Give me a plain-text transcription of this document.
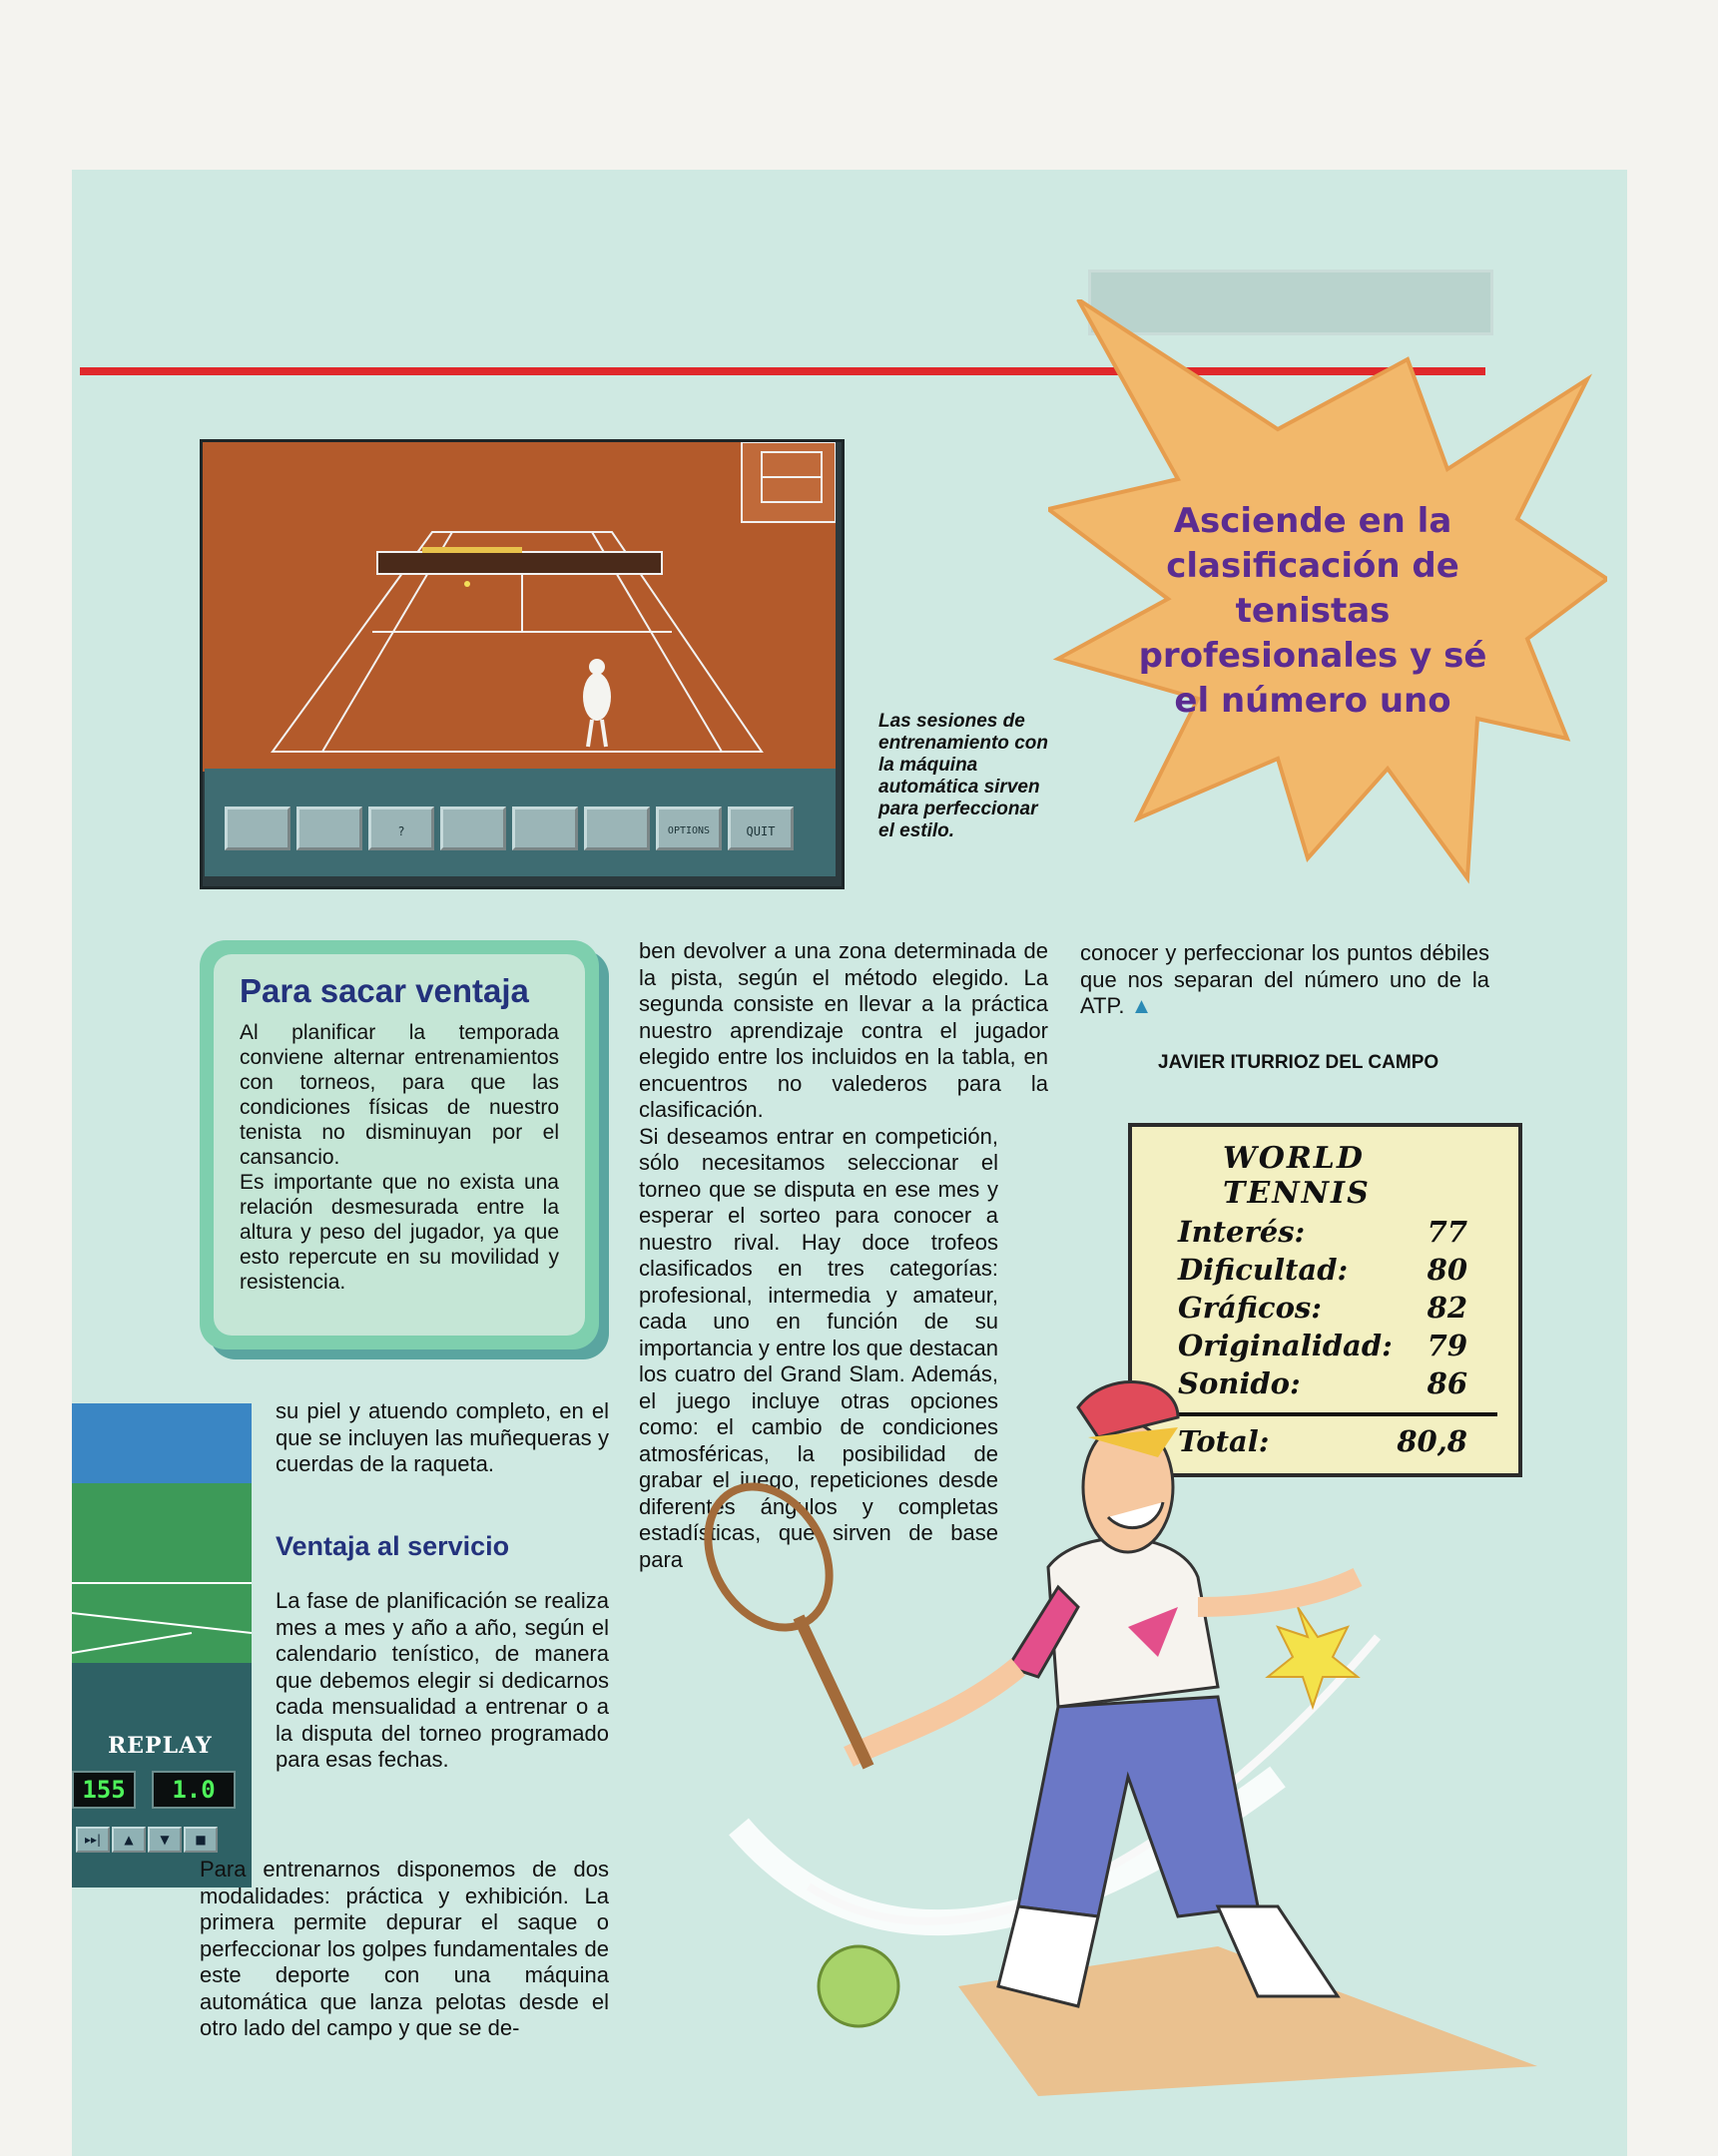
Asciende en la clasificación de tenistas profesionales y sé el número uno
?	OPTIONS	QUIT
Las sesiones de entrenamiento con la máquina automática sirven para perfeccionar el estilo.
Para sacar ventaja

Al planificar la temporada conviene alternar entrenamientos con torneos, para que las condiciones físicas de nuestro tenista no disminuyan por el cansancio.

Es importante que no exista una relación desmesurada entre la altura y peso del jugador, ya que esto repercute en su movilidad y resistencia.

REPLAY
155	1.0
▸▸|	▲	▼	■

su piel y atuendo completo, en el que se incluyen las muñequeras y cuerdas de la raqueta.

Ventaja al servicio

La fase de planificación se realiza mes a mes y año a año, según el calendario tenístico, de manera que debemos elegir si dedicarnos cada mensualidad a entrenar o a la disputa del torneo programado para esas fechas.

Para entrenarnos disponemos de dos modalidades: práctica y exhibición. La primera permite depurar el saque o perfeccionar los golpes fundamentales de este deporte con una máquina automática que lanza pelotas desde el otro lado del campo y que se de-

ben devolver a una zona determinada de la pista, según el método elegido. La segunda consiste en llevar a la práctica nuestro aprendizaje contra el jugador elegido entre los incluidos en la tabla, en encuentros no valederos para la clasificación.

Si deseamos entrar en competición, sólo necesitamos seleccionar el torneo que se disputa en ese mes y esperar el sorteo para conocer a nuestro rival. Hay doce trofeos clasificados en tres categorías: profesional, intermedia y amateur, cada uno en función de su importancia y entre los que destacan los cuatro del Grand Slam. Además, el juego incluye otras opciones como: el cambio de condiciones atmosféricas, la posibilidad de grabar el juego, repeticiones desde diferentes ángulos y completas estadísticas, que sirven de base para

conocer y perfeccionar los puntos débiles que nos separan del número uno de la ATP. ▲

JAVIER ITURRIOZ DEL CAMPO
WORLD TENNIS
Interés:	77
Dificultad:	80
Gráficos:	82
Originalidad: 79
Sonido:	86
Total:	80,8
